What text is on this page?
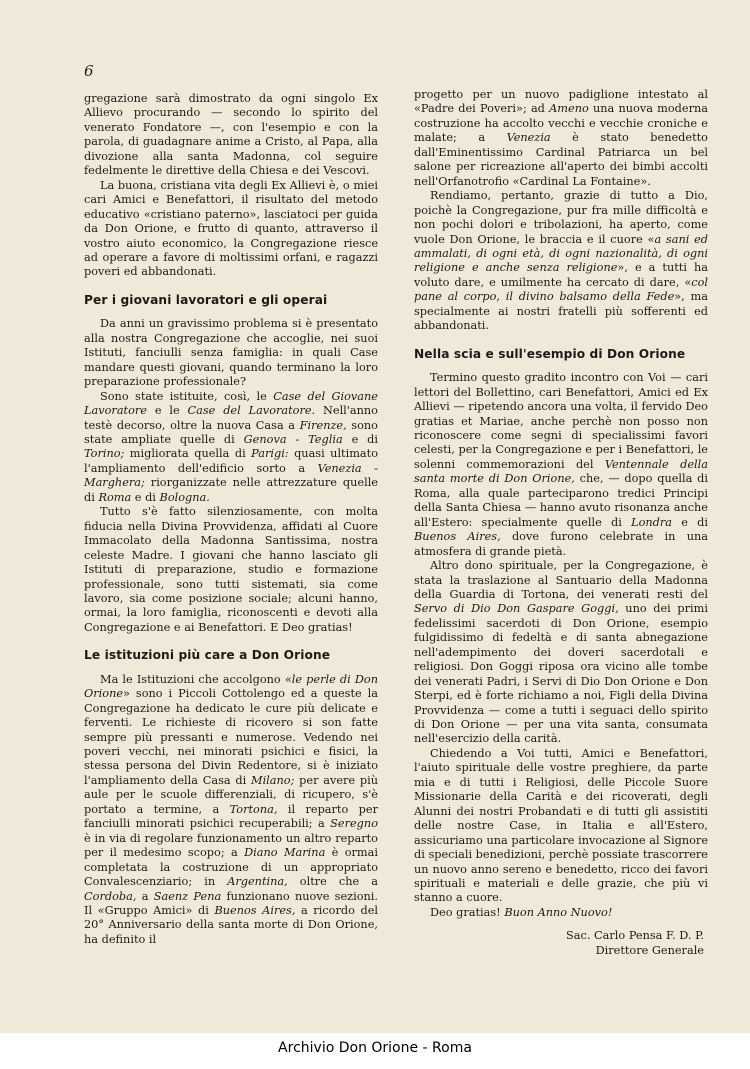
6

gregazione sarà dimostrato da ogni singolo Ex Allievo procurando — secondo lo spirito del venerato Fondatore —, con l'esempio e con la parola, di guadagnare anime a Cristo, al Papa, alla divozione alla santa Madonna, col seguire fedelmente le direttive della Chiesa e dei Vescovi.

La buona, cristiana vita degli Ex Allievi è, o miei cari Amici e Benefattori, il risultato del metodo educativo «cristiano paterno», lasciatoci per guida da Don Orione, e frutto di quanto, attraverso il vostro aiuto economico, la Congregazione riesce ad operare a favore di moltissimi orfani, e ragazzi poveri ed abbandonati.

Per i giovani lavoratori e gli operai

Da anni un gravissimo problema si è presentato alla nostra Congregazione che accoglie, nei suoi Istituti, fanciulli senza famiglia: in quali Case mandare questi giovani, quando terminano la loro preparazione professionale?

Sono state istituite, così, le Case del Giovane Lavoratore e le Case del Lavoratore. Nell'anno testè decorso, oltre la nuova Casa a Firenze, sono state ampliate quelle di Genova - Teglia e di Torino; migliorata quella di Parigi: quasi ultimato l'ampliamento dell'edificio sorto a Venezia - Marghera; riorganizzate nelle attrezzature quelle di Roma e di Bologna.

Tutto s'è fatto silenziosamente, con molta fiducia nella Divina Provvidenza, affidati al Cuore Immacolato della Madonna Santissima, nostra celeste Madre. I giovani che hanno lasciato gli Istituti di preparazione, studio e formazione professionale, sono tutti sistemati, sia come lavoro, sia come posizione sociale; alcuni hanno, ormai, la loro famiglia, riconoscenti e devoti alla Congregazione e ai Benefattori. E Deo gratias!

Le istituzioni più care a Don Orione

Ma le Istituzioni che accolgono «le perle di Don Orione» sono i Piccoli Cottolengo ed a queste la Congregazione ha dedicato le cure più delicate e ferventi. Le richieste di ricovero si son fatte sempre più pressanti e numerose. Vedendo nei poveri vecchi, nei minorati psichici e fisici, la stessa persona del Divin Redentore, si è iniziato l'ampliamento della Casa di Milano; per avere più aule per le scuole differenziali, di ricupero, s'è portato a termine, a Tortona, il reparto per fanciulli minorati psichici recuperabili; a Seregno è in via di regolare funzionamento un altro reparto per il medesimo scopo; a Diano Marina è ormai completata la costruzione di un appropriato Convalescenziario; in Argentina, oltre che a Cordoba, a Saenz Pena funzionano nuove sezioni. Il «Gruppo Amici» di Buenos Aires, a ricordo del 20° Anniversario della santa morte di Don Orione, ha definito il

progetto per un nuovo padiglione intestato al «Padre dei Poveri»; ad Ameno una nuova moderna costruzione ha accolto vecchi e vecchie croniche e malate; a Venezia è stato benedetto dall'Eminentissimo Cardinal Patriarca un bel salone per ricreazione all'aperto dei bimbi accolti nell'Orfanotrofio «Cardinal La Fontaine».

Rendiamo, pertanto, grazie di tutto a Dio, poichè la Congregazione, pur fra mille difficoltà e non pochi dolori e tribolazioni, ha aperto, come vuole Don Orione, le braccia e il cuore «a sani ed ammalati, di ogni età, di ogni nazionalità, di ogni religione e anche senza religione», e a tutti ha voluto dare, e umilmente ha cercato di dare, «col pane al corpo, il divino balsamo della Fede», ma specialmente ai nostri fratelli più sofferenti ed abbandonati.

Nella scia e sull'esempio di Don Orione

Termino questo gradito incontro con Voi — cari lettori del Bollettino, cari Benefattori, Amici ed Ex Allievi — ripetendo ancora una volta, il fervido Deo gratias et Mariae, anche perchè non posso non riconoscere come segni di specialissimi favori celesti, per la Congregazione e per i Benefattori, le solenni commemorazioni del Ventennale della santa morte di Don Orione, che, — dopo quella di Roma, alla quale parteciparono tredici Principi della Santa Chiesa — hanno avuto risonanza anche all'Estero: specialmente quelle di Londra e di Buenos Aires, dove furono celebrate in una atmosfera di grande pietà.

Altro dono spirituale, per la Congregazione, è stata la traslazione al Santuario della Madonna della Guardia di Tortona, dei venerati resti del Servo di Dio Don Gaspare Goggi, uno dei primi fedelissimi sacerdoti di Don Orione, esempio fulgidissimo di fedeltà e di santa abnegazione nell'adempimento dei doveri sacerdotali e religiosi. Don Goggi riposa ora vicino alle tombe dei venerati Padri, i Servi di Dio Don Orione e Don Sterpi, ed è forte richiamo a noi, Figli della Divina Provvidenza — come a tutti i seguaci dello spirito di Don Orione — per una vita santa, consumata nell'esercizio della carità.

Chiedendo a Voi tutti, Amici e Benefattori, l'aiuto spirituale delle vostre preghiere, da parte mia e di tutti i Religiosi, delle Piccole Suore Missionarie della Carità e dei ricoverati, degli Alunni dei nostri Probandati e di tutti gli assistiti delle nostre Case, in Italia e all'Estero, assicuriamo una particolare invocazione al Signore di speciali benedizioni, perchè possiate trascorrere un nuovo anno sereno e benedetto, ricco dei favori spirituali e materiali e delle grazie, che più vi stanno a cuore.

Deo gratias! Buon Anno Nuovo!

Sac. Carlo Pensa F. D. P.
Direttore Generale
Archivio Don Orione - Roma
